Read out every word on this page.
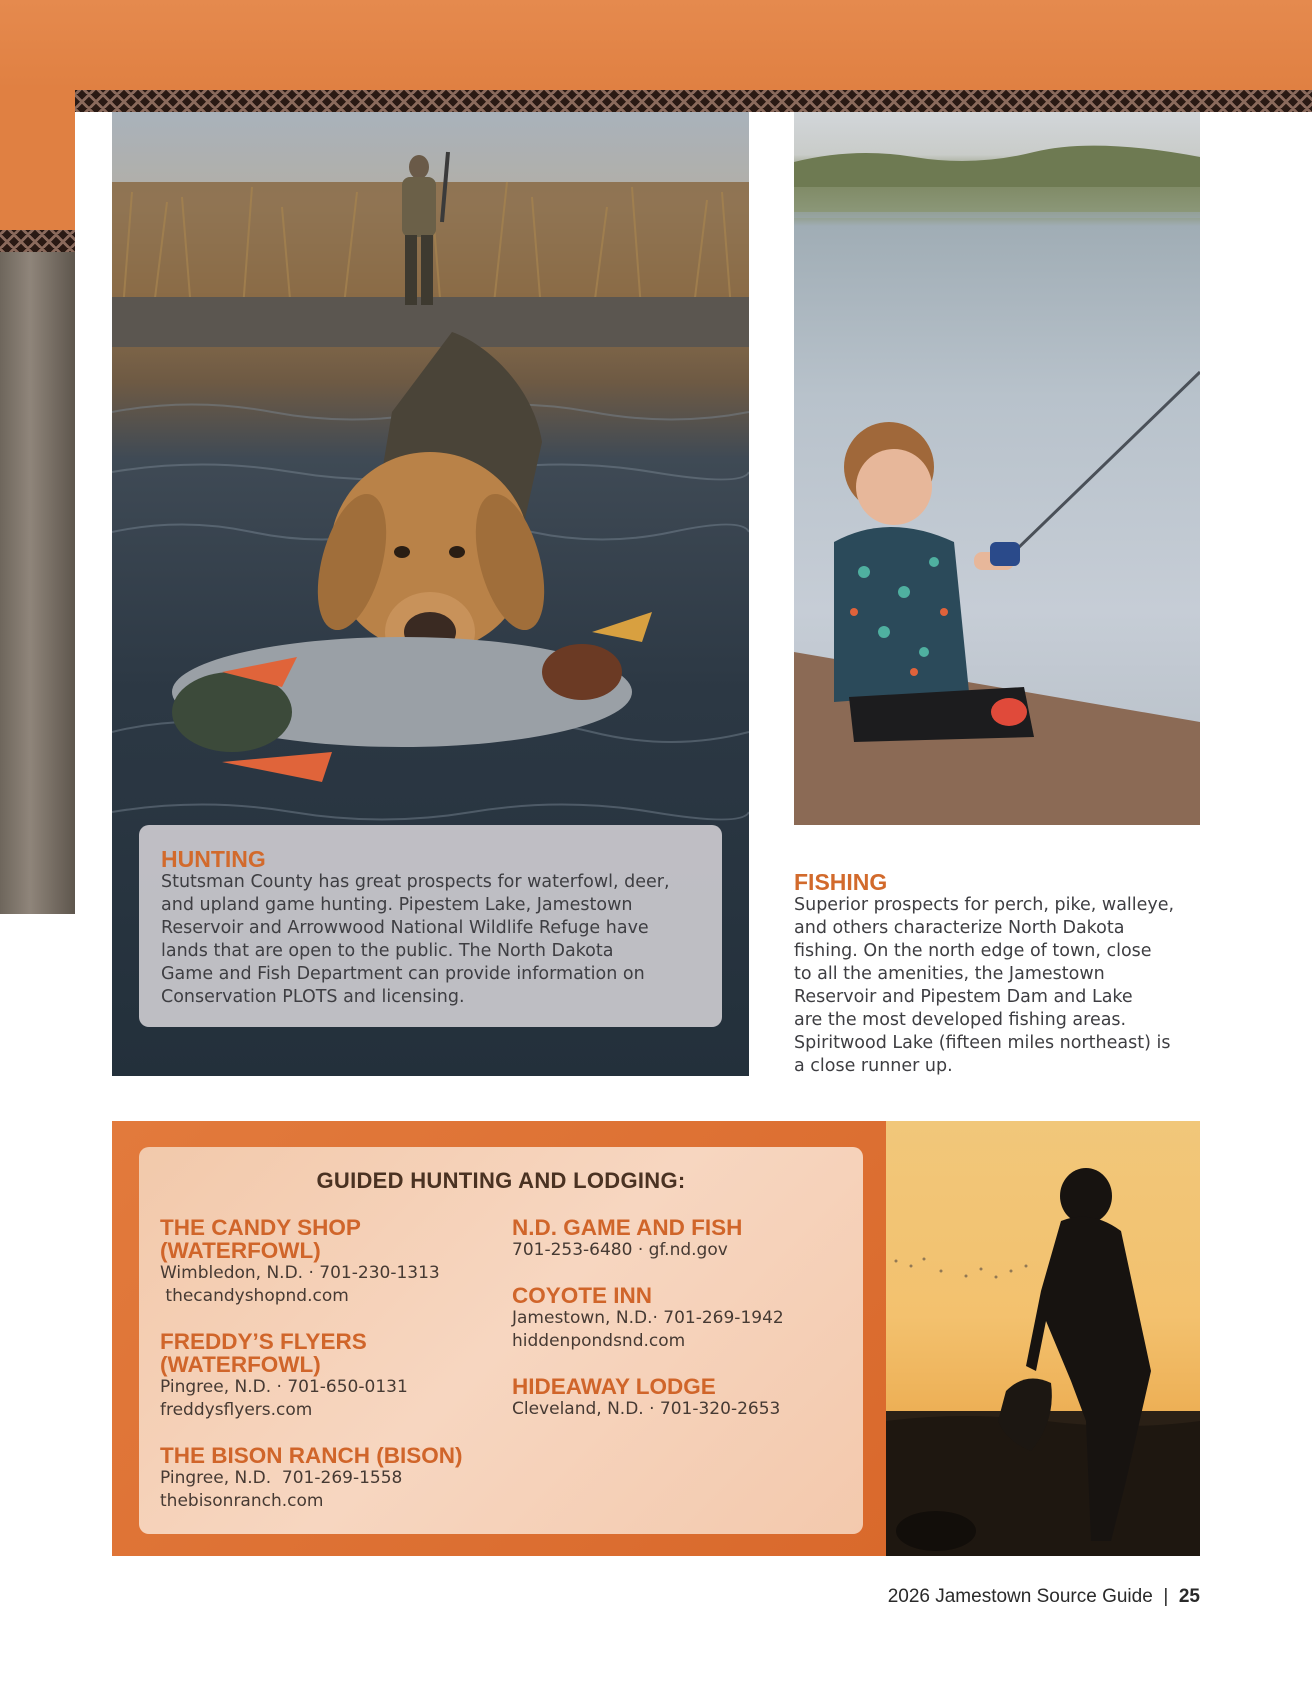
HUNTING
Stutsman County has great prospects for waterfowl, deer,
and upland game hunting. Pipestem Lake, Jamestown
Reservoir and Arrowwood National Wildlife Refuge have
lands that are open to the public. The North Dakota
Game and Fish Department can provide information on
Conservation PLOTS and licensing.
FISHING
Superior prospects for perch, pike, walleye,
and others characterize North Dakota
fishing. On the north edge of town, close
to all the amenities, the Jamestown
Reservoir and Pipestem Dam and Lake
are the most developed fishing areas.
Spiritwood Lake (fifteen miles northeast) is
a close runner up.
GUIDED HUNTING AND LODGING:
THE CANDY SHOP
(WATERFOWL)
Wimbledon, N.D. · 701-230-1313
thecandyshopnd.com
FREDDY’S FLYERS
(WATERFOWL)
Pingree, N.D. · 701-650-0131
freddysflyers.com
THE BISON RANCH (BISON)
Pingree, N.D.  701-269-1558
thebisonranch.com
N.D. GAME AND FISH
701-253-6480 · gf.nd.gov
COYOTE INN
Jamestown, N.D.· 701-269-1942
hiddenpondsnd.com
HIDEAWAY LODGE
Cleveland, N.D. · 701-320-2653
2026 Jamestown Source Guide | 25
